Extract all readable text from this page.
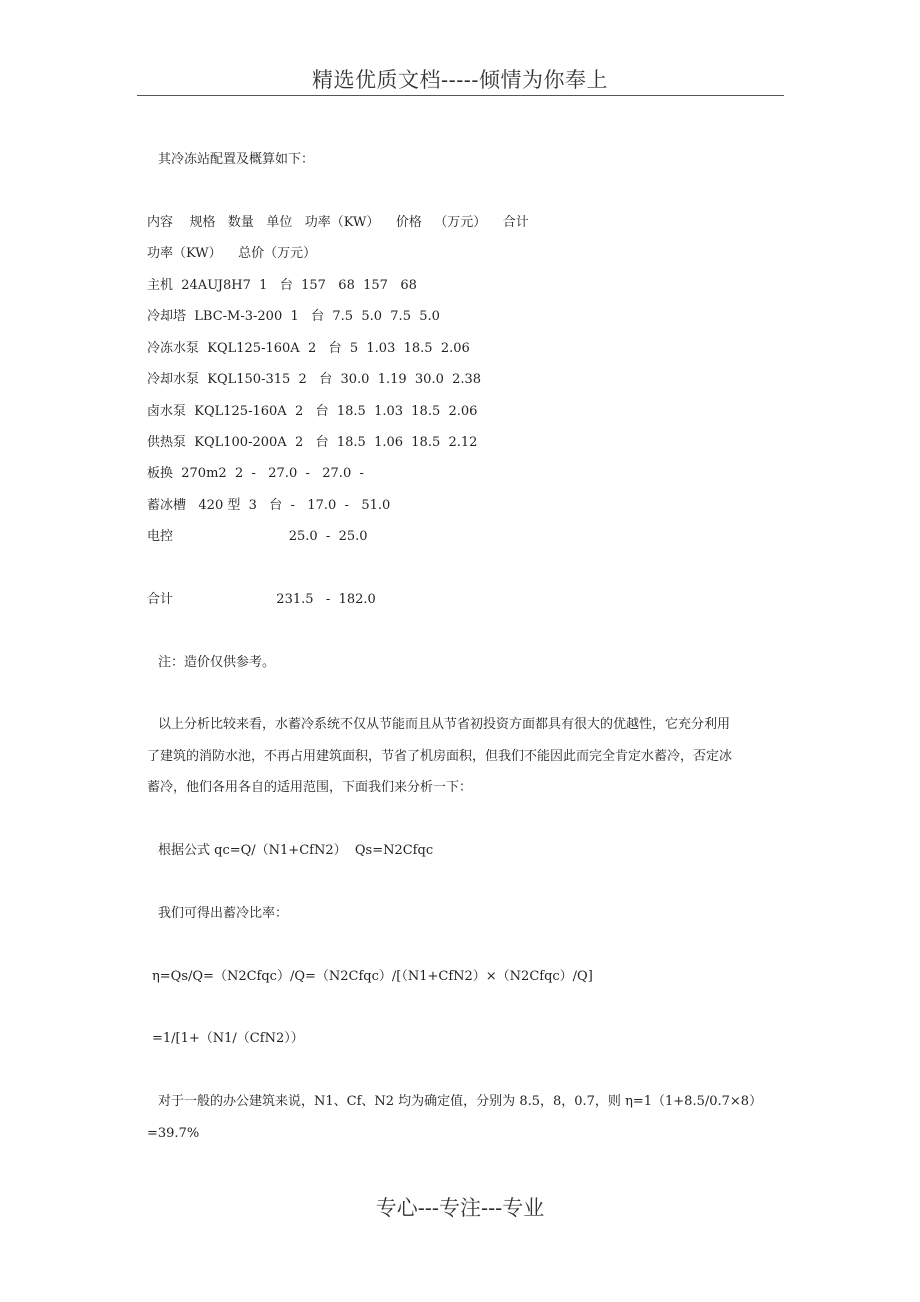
精选优质文档-----倾情为你奉上
其冷冻站配置及概算如下：
内容    规格   数量   单位   功率（KW）    价格   （万元）    合计
功率（KW）    总价（万元）
主机  24AUJ8H7  1   台  157   68  157   68
冷却塔  LBC-M-3-200  1   台  7.5  5.0  7.5  5.0
冷冻水泵  KQL125-160A  2   台  5  1.03  18.5  2.06
冷却水泵  KQL150-315  2   台  30.0  1.19  30.0  2.38
卤水泵  KQL125-160A  2   台  18.5  1.03  18.5  2.06
供热泵  KQL100-200A  2   台  18.5  1.06  18.5  2.12
板换  270m2  2  -   27.0  -   27.0  -
蓄冰槽   420 型  3   台  -   17.0  -   51.0
电控                            25.0  -  25.0
合计                         231.5   -  182.0
注：造价仅供参考。
以上分析比较来看，水蓄冷系统不仅从节能而且从节省初投资方面都具有很大的优越性，它充分利用
了建筑的消防水池，不再占用建筑面积，节省了机房面积，但我们不能因此而完全肯定水蓄冷，否定冰
蓄冷，他们各用各自的适用范围，下面我们来分析一下：
根据公式 qc=Q/（N1+CfN2）  Qs=N2Cfqc
我们可得出蓄冷比率：
η=Qs/Q=（N2Cfqc）/Q=（N2Cfqc）/[（N1+CfN2）×（N2Cfqc）/Q]
=1/[1+（N1/（CfN2））
对于一般的办公建筑来说，N1、Cf、N2 均为确定值，分别为 8.5，8，0.7，则 η=1（1+8.5/0.7×8）
=39.7%
专心---专注---专业
